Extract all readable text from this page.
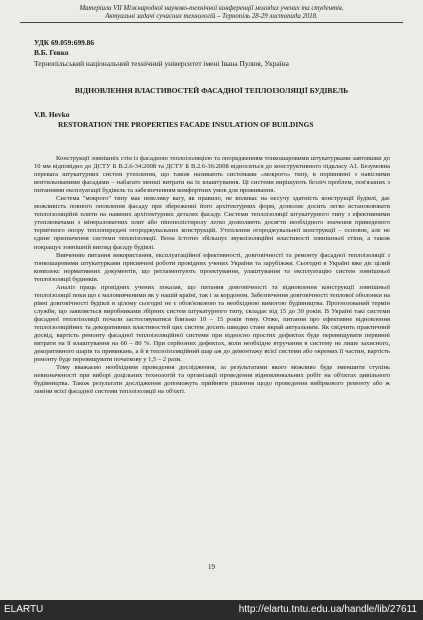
Матеріали VII Міжнародної науково-технічної конференції молодих учених та студентів.
Актуальні задачі сучасних технологій – Тернопіль 28-29 листопада 2018.
УДК 69.059:699.86
В.Б. Гевко
Тернопільський національний технічний університет імені Івана Пулюя, Україна
ВІДНОВЛЕННЯ ВЛАСТИВОСТЕЙ ФАСАДНОЇ ТЕПЛОІЗОЛЯЦІЇ БУДІВЕЛЬ
V.B. Hevko
RESTORATION THE PROPERTIES FACADE INSULATION OF BUILDINGS

Конструкції зовнішніх стін із фасадною теплоізоляцією та опорядженням тонкошаровими штукатурками завтовшки до 10 мм відповідно до ДСТУ Б В.2.6-34:2008 та ДСТУ Б В.2.6-36:2008 відносяться до конструктивного підкласу А1. Безумовна перевага штукатурних систем утеплення, що також називають системами «мокрого» типу, в порівнянні з навісними вентильованими фасадами – набагато менші витрати на їх влаштування. Ці системи вирішують безліч проблем, пов'язаних з питаннями експлуатації будівель та забезпеченням комфортних умов для проживання.

Система "мокрого" типу має невелику вагу, як правило, не впливає на несучу здатність конструкції будівлі, дає можливість повного оновлення фасаду при збереженні його архітектурних форм, дозволяє досить легко встановлювати теплоізоляційні плити на наявних архітектурних деталях фасаду. Системи теплоізоляції штукатурного типу з ефективними утеплювачами з мінераловатних плит або пінополістиролу легко дозволяють досягти необхідного значення приведеного термічного опору теплопередачі огороджувальних конструкцій. Утеплення огороджувальної конструкції – основне, але не єдине призначення системи теплоізоляції. Вона істотно збільшує звукоізоляційні властивості зовнішньої стіни, а також покращує зовнішній вигляд фасаду будівлі.

Вивченню питання використання, експлуатаційної ефективності, довговічності та ремонту фасадної теплоізоляції з тонкошаровими штукатурками присвячені роботи провідних учених України та зарубіжжя. Сьогодні в Україні вже діє цілий комплекс нормативних документів, що регламентують проектування, улаштування та експлуатацію систем зовнішньої теплоізоляції будинків.

Аналіз праць провідних учених показав, що питання довговічності та відновлення конструкції зовнішньої теплоізоляції поки що є маловивченими як у нашій країні, так і за кордоном. Забезпечення довговічності теплової оболонки на рівні довговічності будівлі в цілому сьогодні не є обов'язковою та необхідною вимогою будівництва. Прогнозований термін служби, що заявляється виробниками збірних систем штукатурного типу, складає від 15 до 30 років. В Україні такі системи фасадної теплоізоляції почали застосовуватися близько 10 – 15 років тому. Отже, питання про ефективне відновлення теплоізоляційних та декоративних властивостей цих систем досить швидко стане вкрай актуальним. Як свідчить практичний досвід, вартість ремонту фасадної теплоізоляційної системи при відносно простих дефектах буде перевищувати первинні витрати на її влаштування на 60 – 80 %. При серйозних дефектах, коли необхідне втручання в систему не лише захисного, декоративного шарів та примикань, а й в теплоізоляційний шар аж до демонтажу всієї системи або окремих її частин, вартість ремонту буде перевищувати початкову у 1,5 – 2 рази.

Тому вважаємо необхідним проведення дослідження, за результатами якого можливо буде зменшити ступінь невизначеності при виборі доцільних технологій та організації проведення відновлювальних робіт на об'єктах цивільного будівництва. Також результати дослідження допоможуть прийняти рішення щодо проведення вибіркового ремонту або ж заміни всієї фасадної системи теплоізоляції на об'єкті.

19
ELARTU	http://elartu.tntu.edu.ua/handle/lib/27611
